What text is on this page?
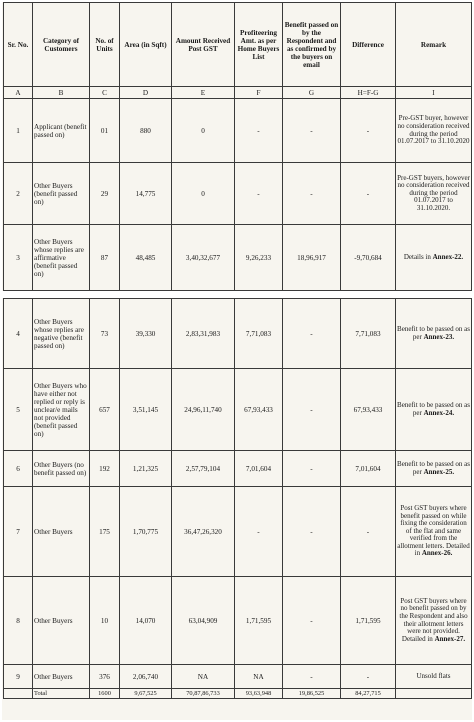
Sr. No.	Category of Customers	No. of Units	Area (in Sqft)	Amount Received Post GST	Profiteering Amt. as per Home Buyers List	Benefit passed on by the Respondent and as confirmed by the buyers on email	Difference	Remark
A	B	C	D	E	F	G	H=F-G	I
1	Applicant (benefit passed on)	01	880	0	-	-	-	Pre-GST buyer, however no consideration received during the period 01.07.2017 to 31.10.2020
2	Other Buyers (benefit passed on)	29	14,775	0	-	-	-	Pre-GST buyers, however no consideration received during the period 01.07.2017 to 31.10.2020.
3	Other Buyers whose replies are affirmative (benefit passed on)	87	48,485	3,40,32,677	9,26,233	18,96,917	-9,70,684	Details in Annex-22.
4	Other Buyers whose replies are negative (benefit passed on)	73	39,330	2,83,31,983	7,71,083	-	7,71,083	Benefit to be passed on as per Annex-23.
5	Other Buyers who have either not replied or reply is unclear/e mails not provided (benefit passed on)	657	3,51,145	24,96,11,740	67,93,433	-	67,93,433	Benefit to be passed on as per Annex-24.
6	Other Buyers (no benefit passed on)	192	1,21,325	2,57,79,104	7,01,604	-	7,01,604	Benefit to be passed on as per Annex-25.
7	Other Buyers	175	1,70,775	36,47,26,320	-	-	-	Post GST buyers where benefit passed on while fixing the consideration of the flat and same verified from the allotment letters. Detailed in Annex-26.
8	Other Buyers	10	14,070	63,04,909	1,71,595	-	1,71,595	Post GST buyers where no benefit passed on by the Respondent and also their allotment letters were not provided. Detailed in Annex-27.
9	Other Buyers	376	2,06,740	NA	NA	-	-	Unsold flats
	Total	1600	9,67,525	70,87,86,733	93,63,948	19,86,525	84,27,715	
